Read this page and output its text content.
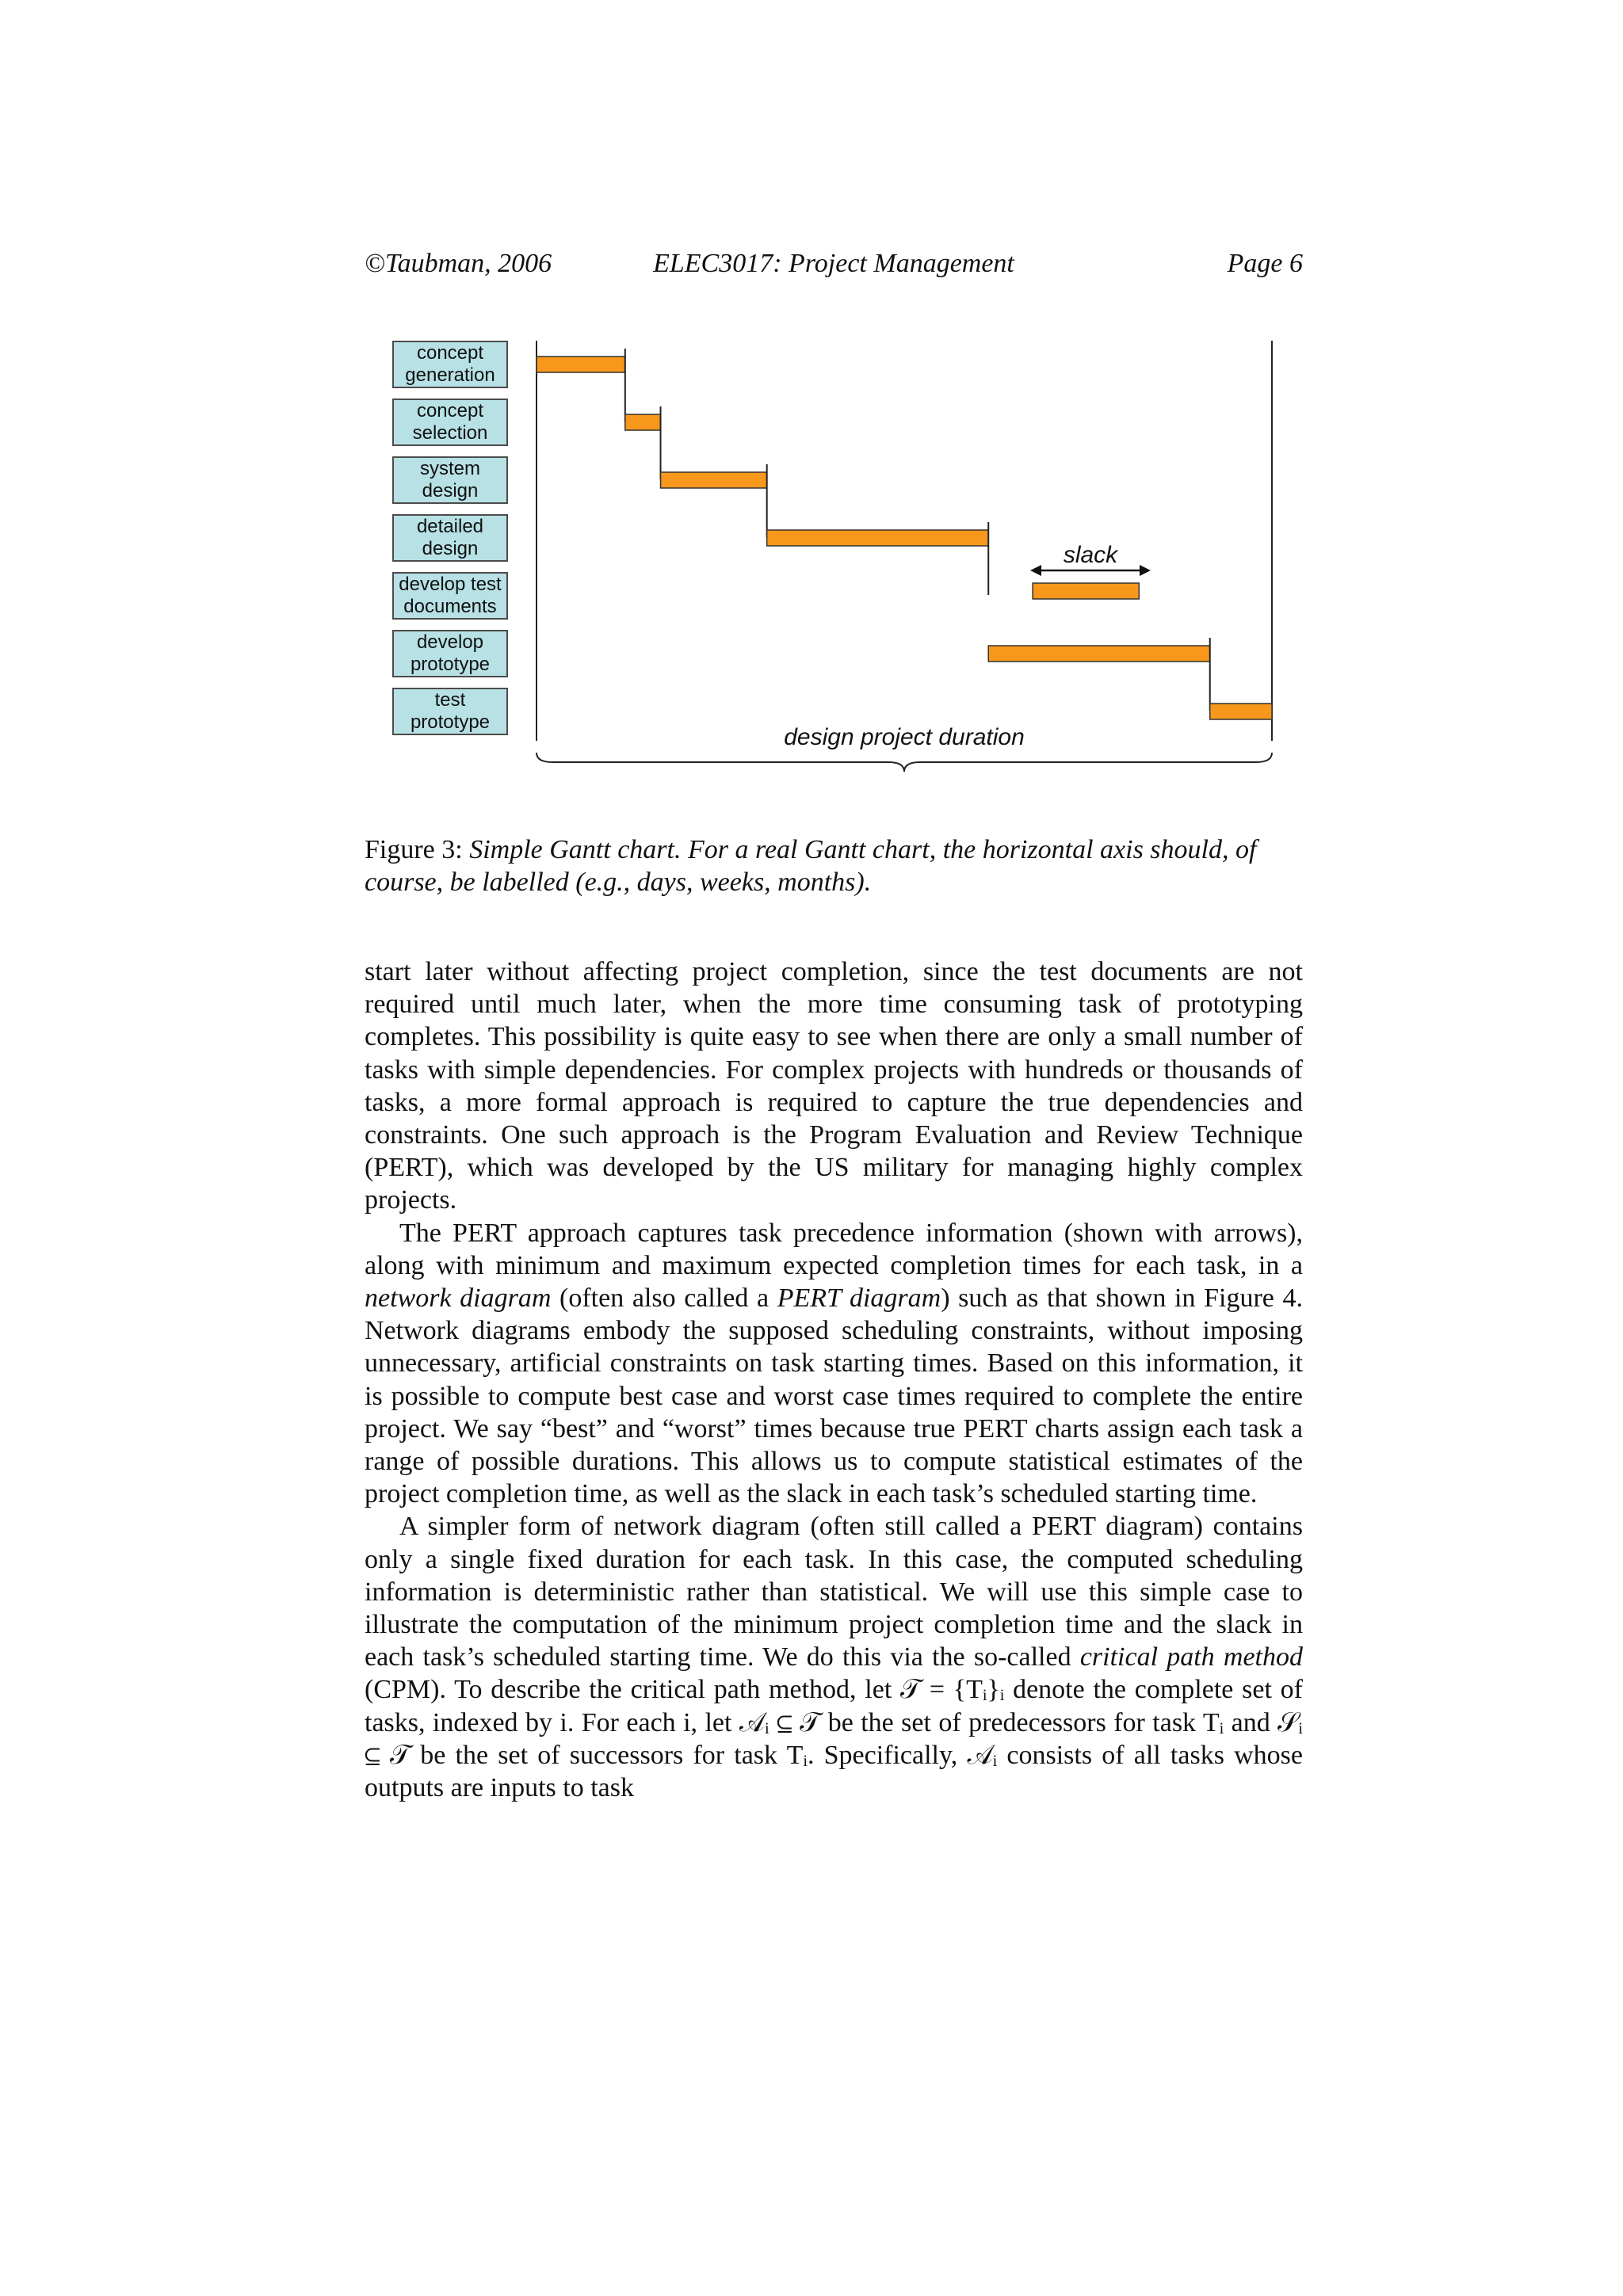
©Taubman, 2006	ELEC3017: Project Management	Page 6
concept
generation
concept
selection
system
design
detailed
design
develop test
documents
develop
prototype
test
prototype
slack
design project duration

Figure 3: Simple Gantt chart. For a real Gantt chart, the horizontal axis should, of course, be labelled (e.g., days, weeks, months).

start later without affecting project completion, since the test documents are not required until much later, when the more time consuming task of prototyping completes. This possibility is quite easy to see when there are only a small number of tasks with simple dependencies. For complex projects with hundreds or thousands of tasks, a more formal approach is required to capture the true dependencies and constraints. One such approach is the Program Evaluation and Review Technique (PERT), which was developed by the US military for managing highly complex projects.

The PERT approach captures task precedence information (shown with arrows), along with minimum and maximum expected completion times for each task, in a network diagram (often also called a PERT diagram) such as that shown in Figure 4. Network diagrams embody the supposed scheduling constraints, without imposing unnecessary, artificial constraints on task starting times. Based on this information, it is possible to compute best case and worst case times required to complete the entire project. We say “best” and “worst” times because true PERT charts assign each task a range of possible durations. This allows us to compute statistical estimates of the project completion time, as well as the slack in each task’s scheduled starting time.

A simpler form of network diagram (often still called a PERT diagram) contains only a single fixed duration for each task. In this case, the computed scheduling information is deterministic rather than statistical. We will use this simple case to illustrate the computation of the minimum project completion time and the slack in each task’s scheduled starting time. We do this via the so-called critical path method (CPM). To describe the critical path method, let 𝒯 = {Tᵢ}ᵢ denote the complete set of tasks, indexed by i. For each i, let 𝒜ᵢ ⊆ 𝒯 be the set of predecessors for task Tᵢ and 𝒮ᵢ ⊆ 𝒯 be the set of successors for task Tᵢ. Specifically, 𝒜ᵢ consists of all tasks whose outputs are inputs to task
